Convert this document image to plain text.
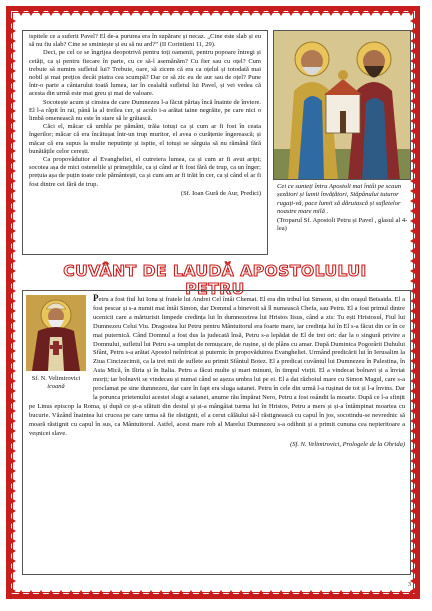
ispitele ce a suferit Pavel? El de-a pururea era în supărare și necaz. „Cine este slab și eu să nu fiu slab? Cine se smintește și eu să nu ard?” (II Corintieni 11, 29).

Deci, pe cel ce se îngrijea deopotrivă pentru toți oamenii, pentru popoare întregi și cetăți, ca și pentru fiecare în parte, cu ce să-l asemănăm? Cu fier sau cu oțel? Cum trebuie să numim sufletul lui? Trebuie, oare, să zicem că era ca oțelul și totodată mai nobil și mai prețios decât piatra cea scumpă? Dar ce să zic eu de aur sau de oțel? Pune într-o parte a cântarului toată lumea, iar în cealaltă sufletul lui Pavel, și vei vedea că acesta din urmă este mai greu și mai de valoare.

Socotește acum și cinstea de care Dumnezeu l-a făcut părtaș încă înainte de înviere. El l-a răpit în rai, până la al treilea cer, și acolo i-a arătat taine negrăite, pe care nici o limbă omenească nu este în stare să le grăiască.

Căci el, măcar că umbla pe pământ, trăia totuși ca și cum ar fi fost în ceata îngerilor; măcar că era încătușat într-un trup muritor, el avea o curățenie îngerească; și măcar că era supus la multe neputințe și ispite, el totuși se sârguia să nu rămână fără bunătățile celor cerești.

Ca propovăduitor al Evangheliei, el cutreiera lumea, ca și cum ar fi avut aripi; socotea așa de mici ostenelile și primejdiile, ca și când ar fi fost fără de trup, ca un înger; prețuia așa de puțin toate cele pământești, ca și cum am ar fi trăit în cer, ca și când el ar fi fost dintre cei fără de trup.

(Sf. Ioan Gură de Aur, Predici)

Cei ce sunteți întru Apostoli mai întâi pe scaun șezători și lumii învățători, Stăpânului tuturor rugați-vă, pace lumii să dăruiască și sufletelor noastre mare milă .
(Troparul Sf. Apostoli Petru și Pavel , glasul al 4-lea)
CUVÂNT DE LAUDĂ APOSTOLULUI PETRU

Petru a fost fiul lui Iona și fratele lui Andrei Cel întâi Chemat. El era din tribul lui Simeon, și din orașul Betsaida. El a fost pescar și s-a numit mai întâi Simon, dar Domnul a binevoit să îl numească Chefa, sau Petru. El a fost primul dintre ucenicii care a mărturisit limpede credința lui în dumnezeirea lui Hristos Iisus, când a zis: Tu ești Hristosul, Fiul lui Dumnezeu Celui Viu. Dragostea lui Petru pentru Mântuitorul era foarte mare, iar credința lui în El s-a făcut din ce în ce mai puternică. Când Domnul a fost dus la judecată însă, Petru s-a lepădat de El de trei ori: dar la o singură privire a Domnului, sufletul lui Petru s-a umplut de remușcare, de rușine, și de plâns cu amar. După Duminica Pogorârii Duhului Sfânt, Petru s-a arătat Apostol neînfricat și puternic în propovăduirea Evangheliei. Urmând predicării lui în Ierusalim la Ziua Cincizecimii, ca la trei mii de suflete au primit Sfântul Botez. El a predicat cuvântul lui Dumnezeu în Palestina, în Asia Mică, în Iliria și în Italia. Petru a făcut multe și mari minuni, în timpul vieții. El a vindecat bolnavi și a înviat morți; iar bolnavii se vindecau și numai când se așeza umbra lui pe ei. El a dat războiul mare cu Simon Magul, care s-a proclamat pe sine dumnezeu, dar care în fapt era sluga satanei. Petru în cele din urmă l-a rușinat de tot și l-a învins. Dar la porunca prietenului acestei slugi a satanei, anume rău împărat Nero, Petru a fost osândit la moarte. După ce l-a sfințit pe Linus episcop la Roma, și după ce și-a sfătuit din destul și și-a mângâiat turma lui în Hristos, Petru a mers și și-a întâmpinat moartea cu bucurie. Văzând înaintea lui crucea pe care urma să fie răstignit, el a cerut călăului să-l răstignească cu capul în jos, socotindu-se nevrednic să moară răstignit cu capul în sus, ca Mântuitorul. Astfel, acest mare rob al Marelui Dumnezeu s-a odihnit și a primit cununa cea nepieritoare a veșnicei slave.

(Sf. N. Velimirovici, Prologele de la Ohrida)

Sf. N. Velimirovici
icoană
3
